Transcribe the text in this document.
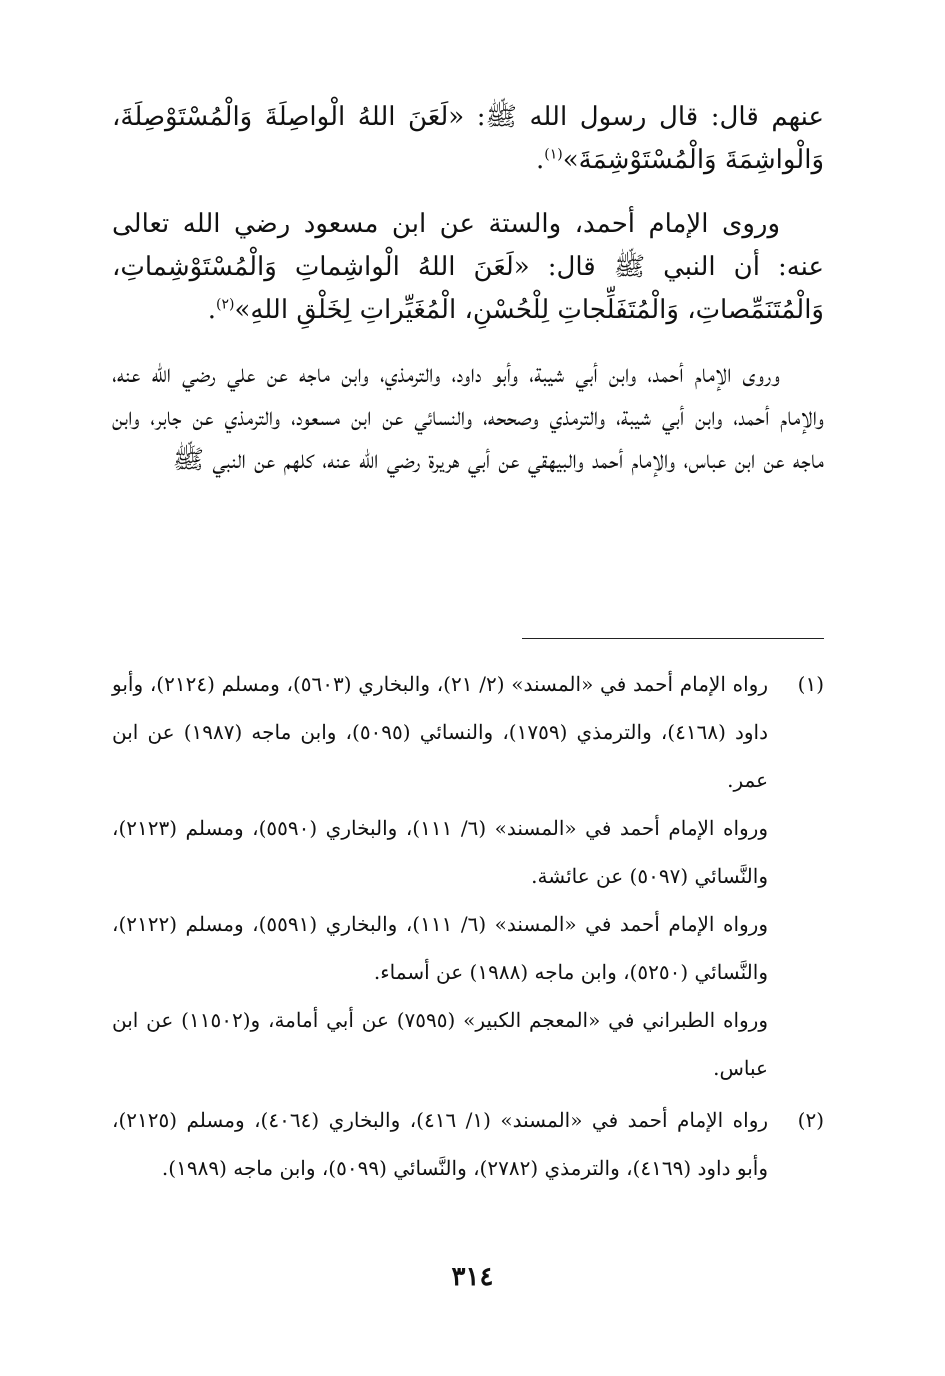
عنهم قال: قال رسول الله ﷺ: «لَعَنَ اللهُ الْواصِلَةَ وَالْمُسْتَوْصِلَةَ، وَالْواشِمَةَ وَالْمُسْتَوْشِمَةَ»$^{(١)}$.

وروى الإمام أحمد، والستة عن ابن مسعود رضي الله تعالى عنه: أن النبي ﷺ قال: «لَعَنَ اللهُ الْواشِماتِ وَالْمُسْتَوْشِماتِ، وَالْمُتَنَمِّصاتِ، وَالْمُتَفَلِّجاتِ لِلْحُسْنِ، الْمُغَيِّراتِ لِخَلْقِ اللهِ»$^{(٢)}$.

وروى الإمام أحمد، وابن أبي شيبة، وأبو داود، والترمذي، وابن ماجه عن علي رضي الله عنه، والإمام أحمد، وابن أبي شيبة، والترمذي وصححه، والنسائي عن ابن مسعود، والترمذي عن جابر، وابن ماجه عن ابن عباس، والإمام أحمد والبيهقي عن أبي هريرة رضي الله عنه، كلهم عن النبي ﷺ

(١)

رواه الإمام أحمد في «المسند» (٢/ ٢١)، والبخاري (٥٦٠٣)، ومسلم (٢١٢٤)، وأبو داود (٤١٦٨)، والترمذي (١٧٥٩)، والنسائي (٥٠٩٥)، وابن ماجه (١٩٨٧) عن ابن عمر.

ورواه الإمام أحمد في «المسند» (٦/ ١١١)، والبخاري (٥٥٩٠)، ومسلم (٢١٢٣)، والنَّسائي (٥٠٩٧) عن عائشة.

ورواه الإمام أحمد في «المسند» (٦/ ١١١)، والبخاري (٥٥٩١)، ومسلم (٢١٢٢)، والنَّسائي (٥٢٥٠)، وابن ماجه (١٩٨٨) عن أسماء.

ورواه الطبراني في «المعجم الكبير» (٧٥٩٥) عن أبي أمامة، و(١١٥٠٢) عن ابن عباس.

(٢)

رواه الإمام أحمد في «المسند» (١/ ٤١٦)، والبخاري (٤٠٦٤)، ومسلم (٢١٢٥)، وأبو داود (٤١٦٩)، والترمذي (٢٧٨٢)، والنَّسائي (٥٠٩٩)، وابن ماجه (١٩٨٩).

٣١٤
